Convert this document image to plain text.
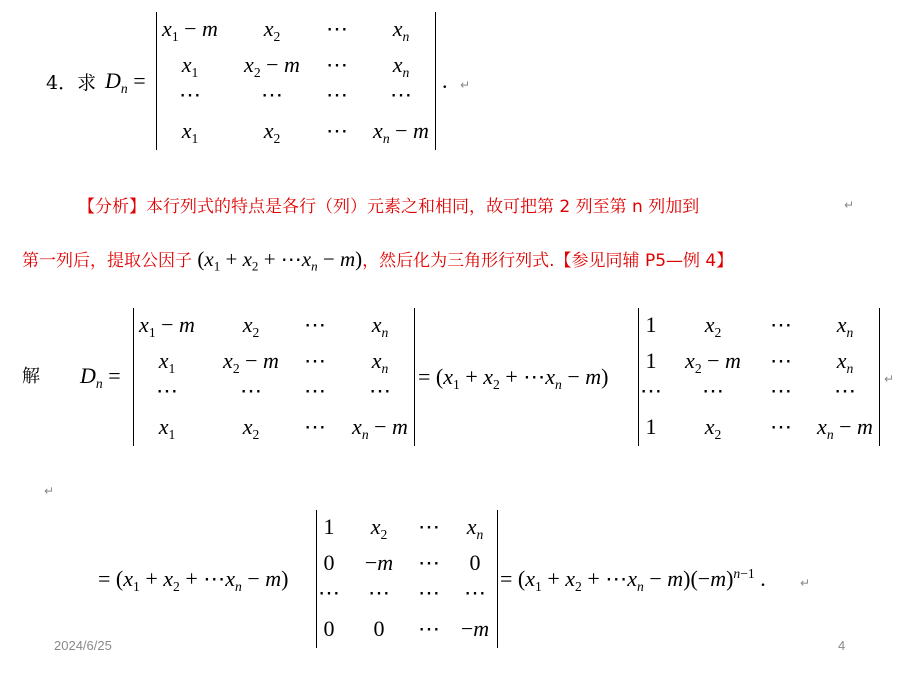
4．求 $D_n$ =
$x_1 - m$ $x_2$ ⋯ $x_n$
$x_1$ $x_2 - m$ ⋯ $x_n$
⋯	⋯ ⋯ ⋯
$x_1$	$x_2$ ⋯ $x_n - m$
. ↵
【分析】本行列式的特点是各行（列）元素之和相同，故可把第 2 列至第 n 列加到	↵
第一列后，提取公因子 ($x_1 + x_2$ + $\cdots x_n - m$)，然后化为三角形行列式.【参见同辅 P5—例 4】
解 $D_n$ =
$x_1 - m$ $x_2$ ⋯ $x_n$
$x_1$ $x_2 - m$ ⋯ $x_n$
⋯	⋯ ⋯ ⋯
$x_1$	$x_2$ ⋯ $x_n - m$
= ($x_1 + x_2$ + $\cdots x_n - m$)
1 $x_2$ ⋯ $x_n$
1 $x_2 - m$ ⋯ $x_n$
⋯ ⋯ ⋯ ⋯
1 $x_2$ ⋯ $x_n - m$
↵
↵
= ($x_1 + x_2$ + $\cdots x_n - m$)
1 $x_2$ ⋯ $x_n$
0 −m ⋯ 0
⋯ ⋯ ⋯ ⋯
0 0 ⋯ −m
= ($x_1 + x_2$ + $\cdots x_n - m)(-m)^{n-1}$ .	↵
2024/6/25	4
